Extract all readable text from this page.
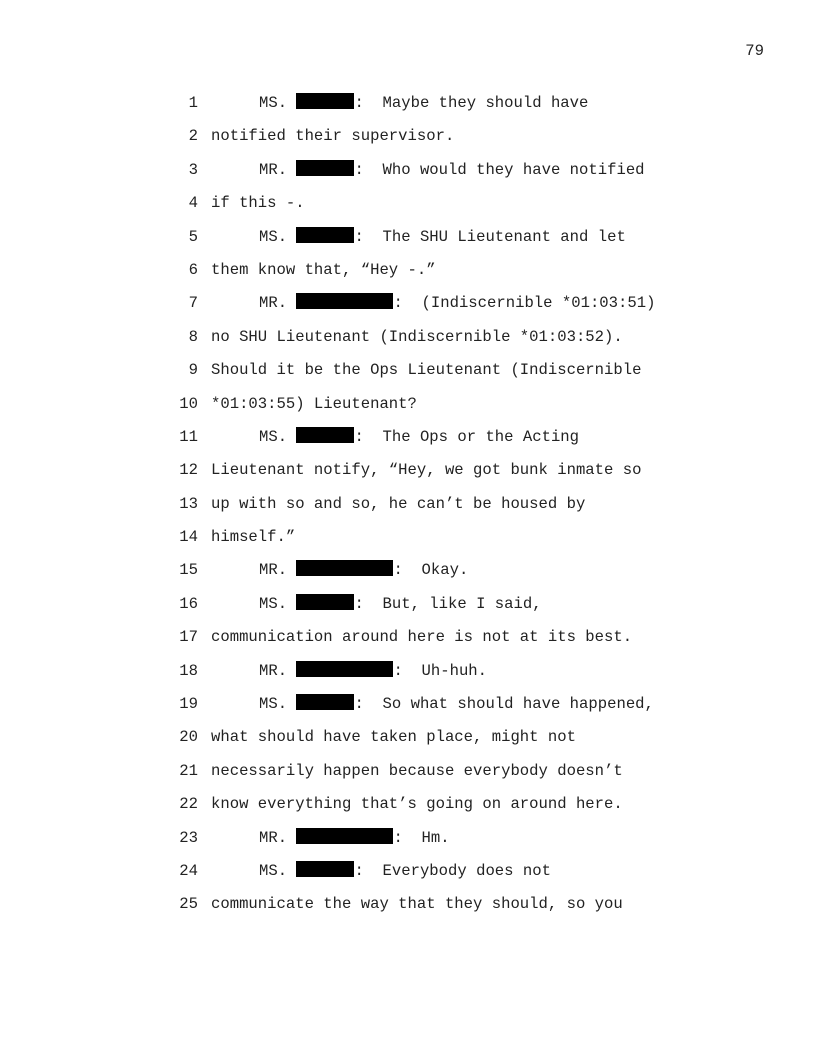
79
1	MS.	:  Maybe they should have
2 notified their supervisor.
3	MR.	:  Who would they have notified
4 if this -.
5	MS.	:  The SHU Lieutenant and let
6 them know that, “Hey -.”
7	MR.	:  (Indiscernible *01:03:51)
8 no SHU Lieutenant (Indiscernible *01:03:52).
9 Should it be the Ops Lieutenant (Indiscernible
10 *01:03:55) Lieutenant?
11	MS.	:  The Ops or the Acting
12 Lieutenant notify, “Hey, we got bunk inmate so
13 up with so and so, he can’t be housed by
14 himself.”
15	MR.	:  Okay.
16	MS.	:  But, like I said,
17 communication around here is not at its best.
18	MR.	:  Uh-huh.
19	MS.	:  So what should have happened,
20 what should have taken place, might not
21 necessarily happen because everybody doesn’t
22 know everything that’s going on around here.
23	MR.	:  Hm.
24	MS.	:  Everybody does not
25 communicate the way that they should, so you
